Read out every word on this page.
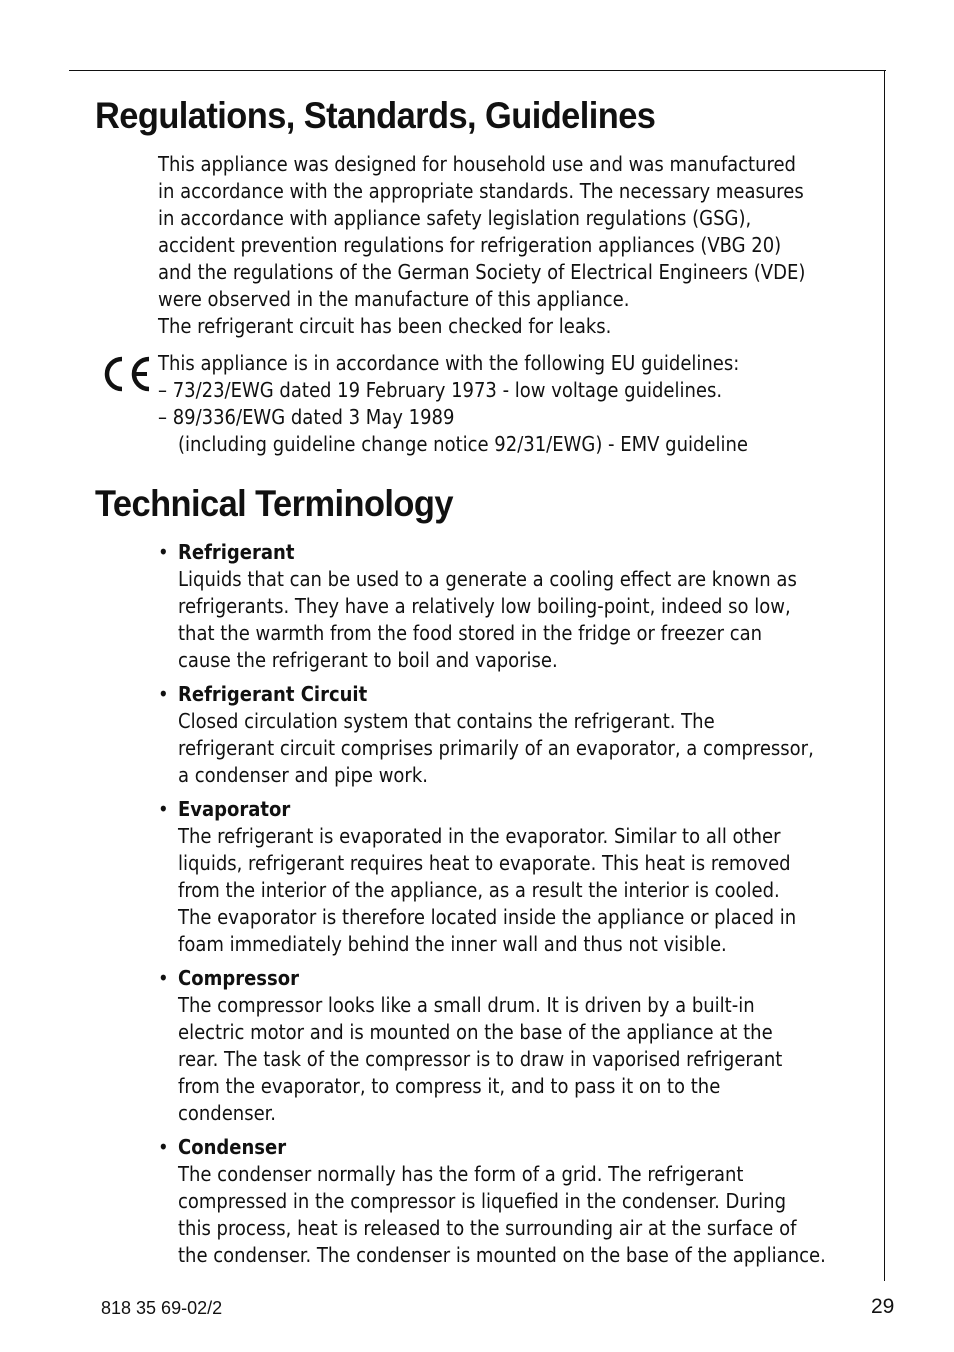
Regulations, Standards, Guidelines

This appliance was designed for household use and was manufactured

in accordance with the appropriate standards. The necessary measures

in accordance with appliance safety legislation regulations (GSG),

accident prevention regulations for refrigeration appliances (VBG 20)

and the regulations of the German Society of Electrical Engineers (VDE)

were observed in the manufacture of this appliance.

The refrigerant circuit has been checked for leaks.

This appliance is in accordance with the following EU guidelines:
– 73/23/EWG dated 19 February 1973 - low voltage guidelines.
– 89/336/EWG dated 3 May 1989
(including guideline change notice 92/31/EWG) - EMV guideline
Technical Terminology
• Refrigerant
Liquids that can be used to a generate a cooling effect are known as
refrigerants. They have a relatively low boiling-point, indeed so low,
that the warmth from the food stored in the fridge or freezer can
cause the refrigerant to boil and vaporise.
• Refrigerant Circuit
Closed circulation system that contains the refrigerant. The
refrigerant circuit comprises primarily of an evaporator, a compressor,
a condenser and pipe work.
• Evaporator
The refrigerant is evaporated in the evaporator. Similar to all other
liquids, refrigerant requires heat to evaporate. This heat is removed
from the interior of the appliance, as a result the interior is cooled.
The evaporator is therefore located inside the appliance or placed in
foam immediately behind the inner wall and thus not visible.
• Compressor
The compressor looks like a small drum. It is driven by a built-in
electric motor and is mounted on the base of the appliance at the
rear. The task of the compressor is to draw in vaporised refrigerant
from the evaporator, to compress it, and to pass it on to the
condenser.
• Condenser
The condenser normally has the form of a grid. The refrigerant
compressed in the compressor is liquefied in the condenser. During
this process, heat is released to the surrounding air at the surface of
the condenser. The condenser is mounted on the base of the appliance.
818 35 69-02/2	29
